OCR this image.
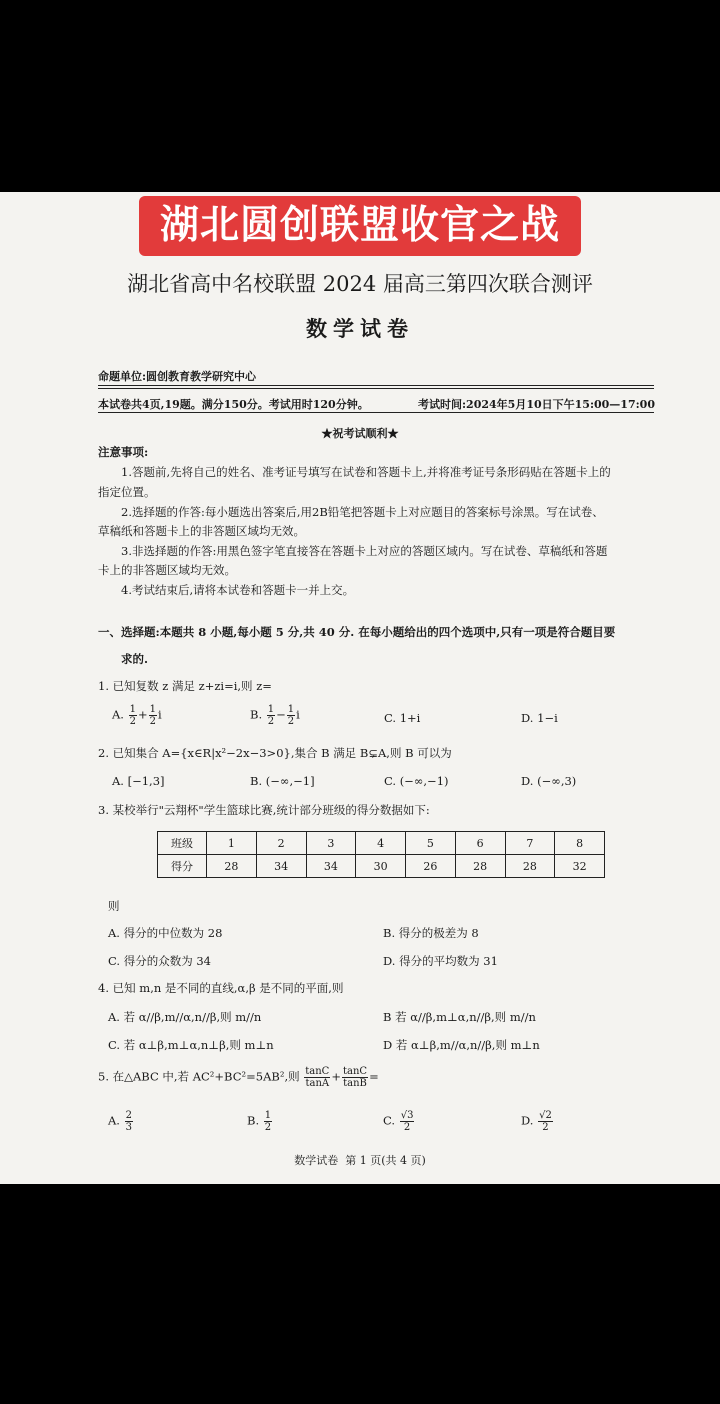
湖北圆创联盟收官之战
湖北省高中名校联盟 2024 届高三第四次联合测评
数学试卷
命题单位:圆创教育教学研究中心
本试卷共4页,19题。满分150分。考试用时120分钟。	考试时间:2024年5月10日下午15:00—17:00
★祝考试顺利★
注意事项:
1.答题前,先将自己的姓名、准考证号填写在试卷和答题卡上,并将准考证号条形码贴在答题卡上的
指定位置。
2.选择题的作答:每小题选出答案后,用2B铅笔把答题卡上对应题目的答案标号涂黑。写在试卷、
草稿纸和答题卡上的非答题区域均无效。
3.非选择题的作答:用黑色签字笔直接答在答题卡上对应的答题区域内。写在试卷、草稿纸和答题
卡上的非答题区域均无效。
4.考试结束后,请将本试卷和答题卡一并上交。
一、选择题:本题共 8 小题,每小题 5 分,共 40 分. 在每小题给出的四个选项中,只有一项是符合题目要
求的.
1. 已知复数 z 满足 z+zi=i,则 z=
A. $\frac{1}{2} + \frac{1}{2}$ i	B. $\frac{1}{2} - \frac{1}{2}$ i	C. 1+i	D. 1−i
2. 已知集合 A={x∈R|x²−2x−3>0},集合 B 满足 B⊊A,则 B 可以为
A. [−1,3]	B. (−∞,−1]	C. (−∞,−1)	D. (−∞,3)
3. 某校举行"云翔杯"学生篮球比赛,统计部分班级的得分数据如下:
班级	1	2	3	4	5	6	7	8
得分	28	34	34	30	26	28	28	32
则
A. 得分的中位数为 28	B. 得分的极差为 8
C. 得分的众数为 34	D. 得分的平均数为 31
4. 已知 m,n 是不同的直线,α,β 是不同的平面,则
A. 若 α//β,m//α,n//β,则 m//n	B 若 α//β,m⊥α,n//β,则 m//n
C. 若 α⊥β,m⊥α,n⊥β,则 m⊥n	D 若 α⊥β,m//α,n//β,则 m⊥n
5. 在△ABC 中,若 AC²+BC²=5AB²,则 $\frac{\tan C}{\tan A} + \frac{\tan C}{\tan B}$ =
A. $\frac{2}{3}$	B. $\frac{1}{2}$	C. $\frac{√3}{2}$	D. $\frac{√2}{2}$
数学试卷  第 1 页(共 4 页)
